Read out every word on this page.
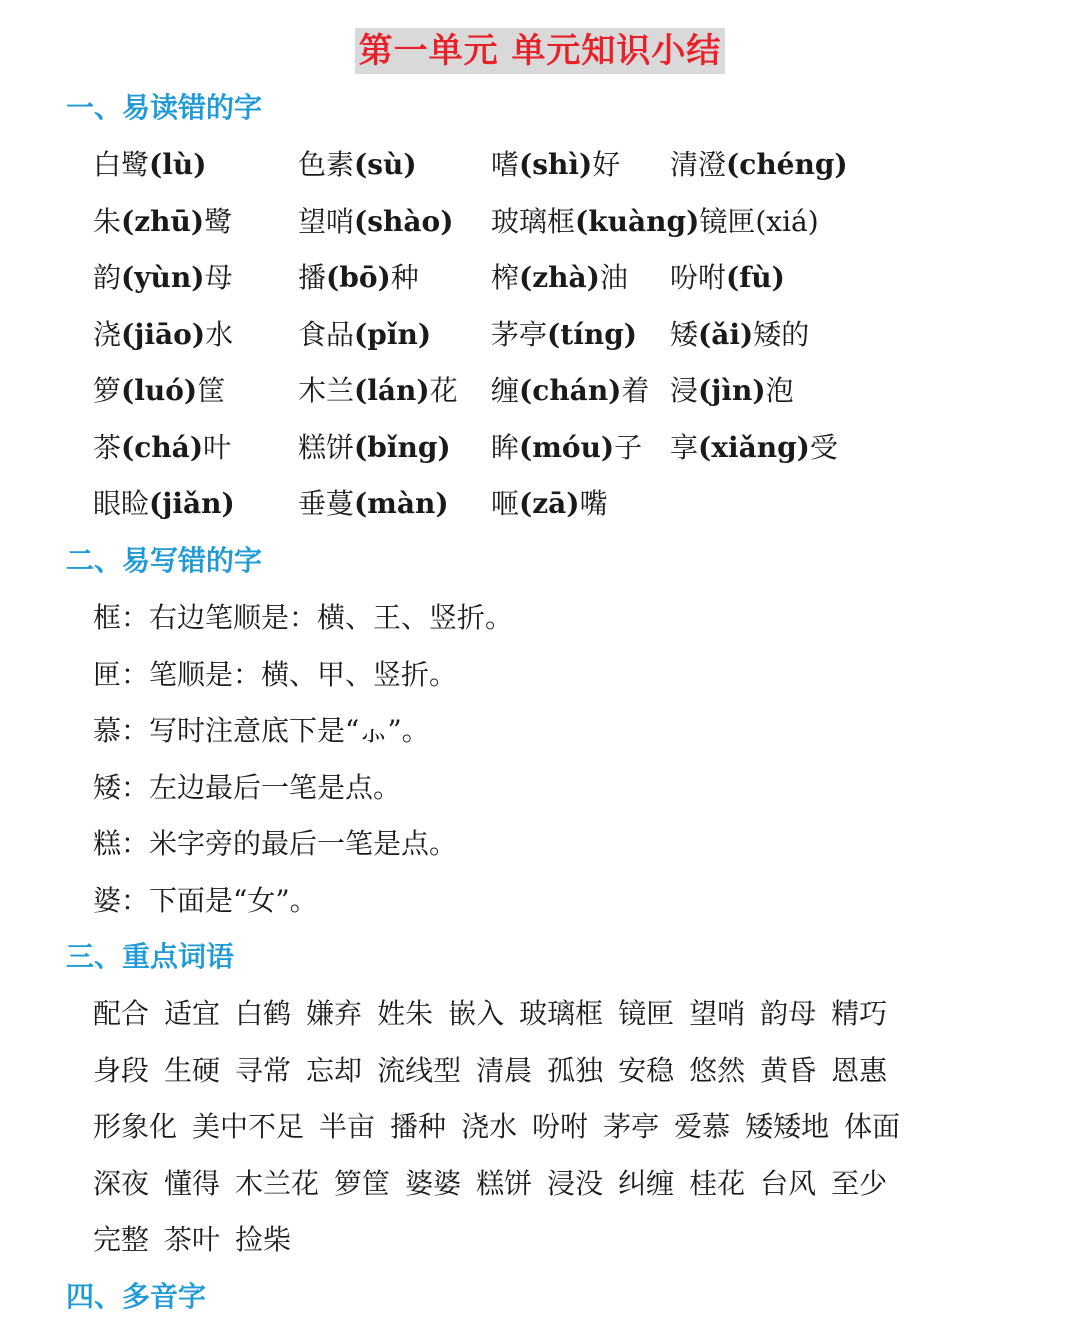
第一单元 单元知识小结
一、易读错的字
白鹭(lù)	色素(sù)	嗜(shì)好 清澄(chéng)
朱(zhū)鹭 望哨(shào) 玻璃框(kuàng)镜匣(xiá)
韵(yùn)母 播(bō)种	榨(zhà)油 吩咐(fù)
浇(jiāo)水 食品(pǐn) 茅亭(tíng) 矮(ǎi)矮的
箩(luó)筐	木兰(lán)花 缠(chán)着 浸(jìn)泡
茶(chá)叶 糕饼(bǐng) 眸(móu)子 享(xiǎng)受
眼睑(jiǎn) 垂蔓(màn) 咂(zā)嘴
二、易写错的字
框：右边笔顺是：横、王、竖折。
匣：笔顺是：横、甲、竖折。
慕：写时注意底下是“⺗”。
矮：左边最后一笔是点。
糕：米字旁的最后一笔是点。
婆：下面是“女”。
三、重点词语
配合 适宜 白鹤 嫌弃 姓朱 嵌入 玻璃框 镜匣 望哨 韵母 精巧
身段 生硬 寻常 忘却 流线型 清晨 孤独 安稳 悠然 黄昏 恩惠
形象化 美中不足 半亩 播种 浇水 吩咐 茅亭 爱慕 矮矮地 体面
深夜 懂得 木兰花 箩筐 婆婆 糕饼 浸没 纠缠 桂花 台风 至少
完整 茶叶 捡柴
四、多音字
